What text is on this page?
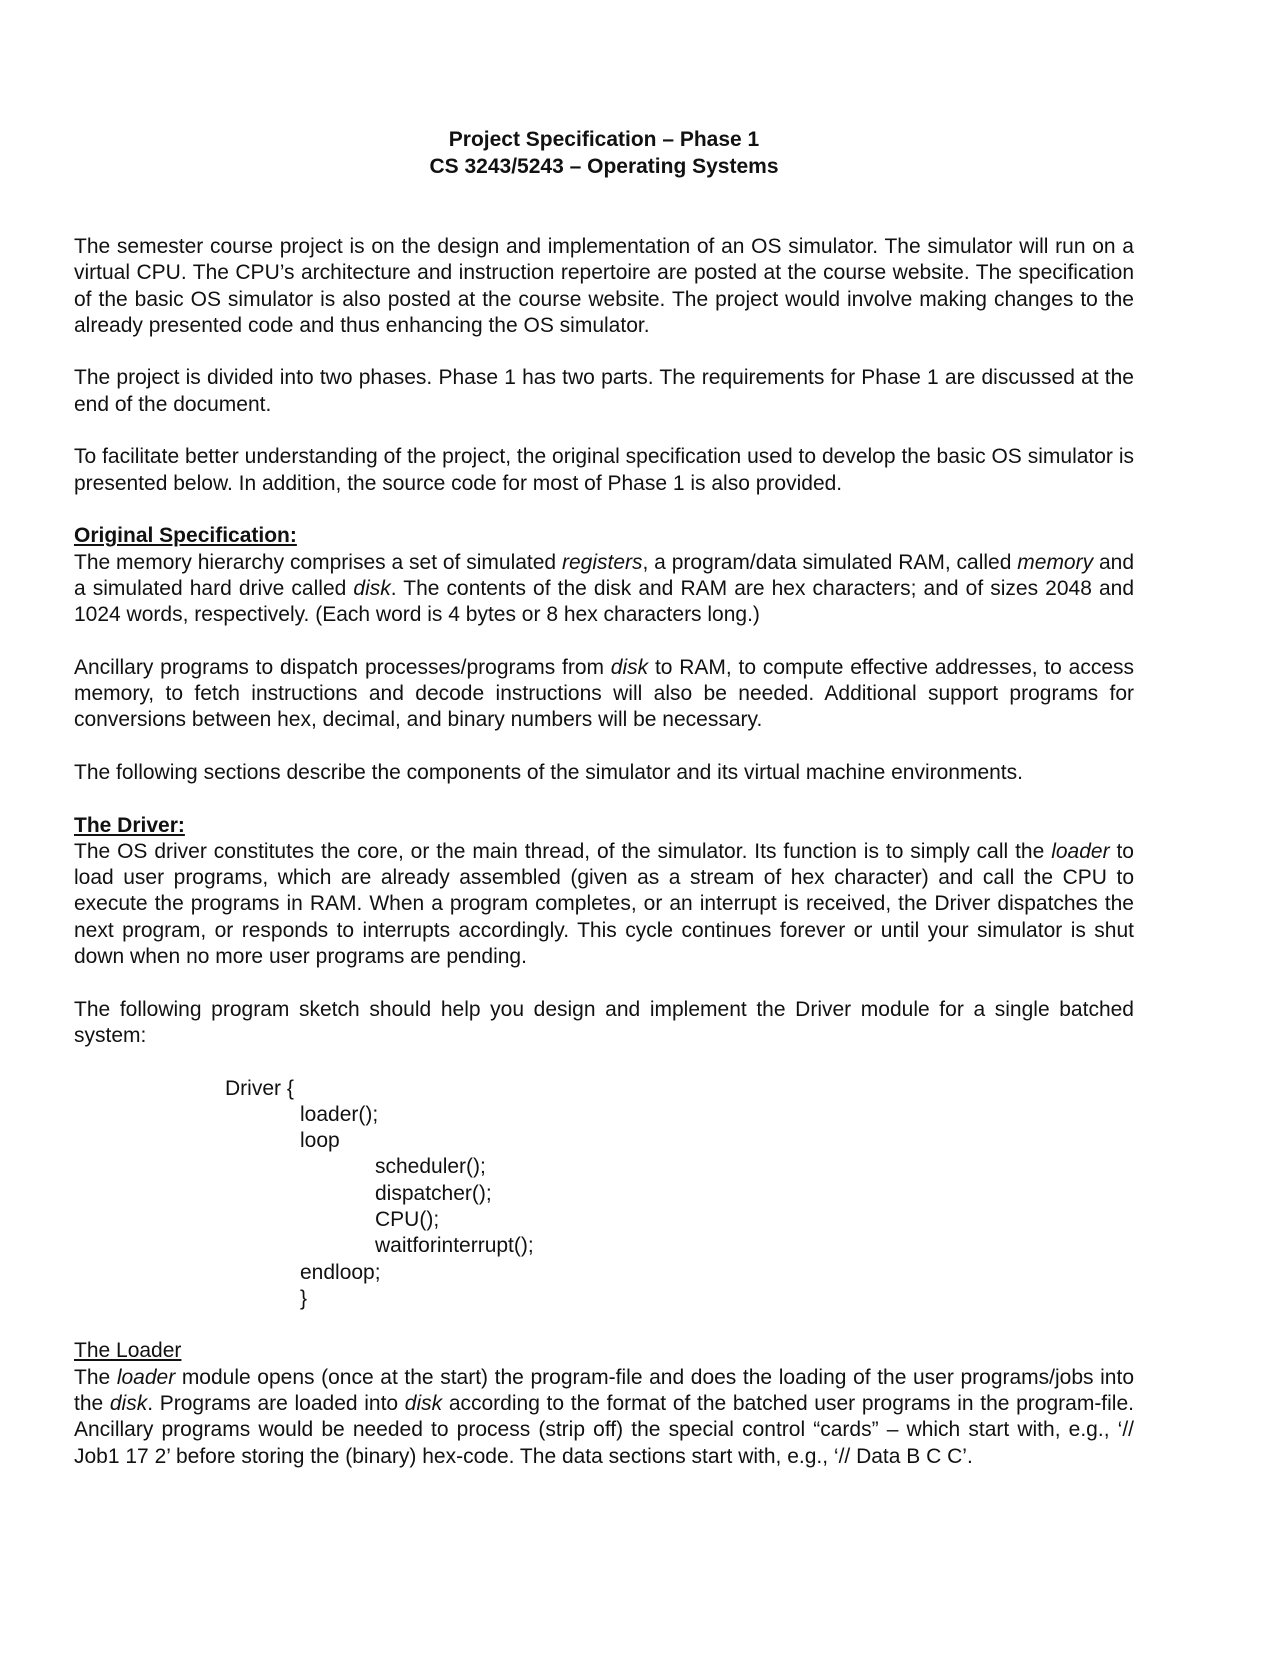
Project Specification – Phase 1
CS 3243/5243 – Operating Systems

The semester course project is on the design and implementation of an OS simulator. The simulator will run on a virtual CPU. The CPU’s architecture and instruction repertoire are posted at the course website. The specification of the basic OS simulator is also posted at the course website. The project would involve making changes to the already presented code and thus enhancing the OS simulator.

The project is divided into two phases. Phase 1 has two parts. The requirements for Phase 1 are discussed at the end of the document.

To facilitate better understanding of the project, the original specification used to develop the basic OS simulator is presented below. In addition, the source code for most of Phase 1 is also provided.

Original Specification:

The memory hierarchy comprises a set of simulated registers, a program/data simulated RAM, called memory and a simulated hard drive called disk. The contents of the disk and RAM are hex characters; and of sizes 2048 and 1024 words, respectively. (Each word is 4 bytes or 8 hex characters long.)

Ancillary programs to dispatch processes/programs from disk to RAM, to compute effective addresses, to access memory, to fetch instructions and decode instructions will also be needed. Additional support programs for conversions between hex, decimal, and binary numbers will be necessary.

The following sections describe the components of the simulator and its virtual machine environments.

The Driver:

The OS driver constitutes the core, or the main thread, of the simulator. Its function is to simply call the loader to load user programs, which are already assembled (given as a stream of hex character) and call the CPU to execute the programs in RAM. When a program completes, or an interrupt is received, the Driver dispatches the next program, or responds to interrupts accordingly. This cycle continues forever or until your simulator is shut down when no more user programs are pending.

The following program sketch should help you design and implement the Driver module for a single batched system:

Driver {
loader();
loop
scheduler();
dispatcher();
CPU();
waitforinterrupt();
endloop;
}
The Loader

The loader module opens (once at the start) the program-file and does the loading of the user programs/jobs into the disk. Programs are loaded into disk according to the format of the batched user programs in the program-file. Ancillary programs would be needed to process (strip off) the special control “cards” – which start with, e.g., ‘// Job1 17 2’ before storing the (binary) hex-code. The data sections start with, e.g., ‘// Data B C C’.
